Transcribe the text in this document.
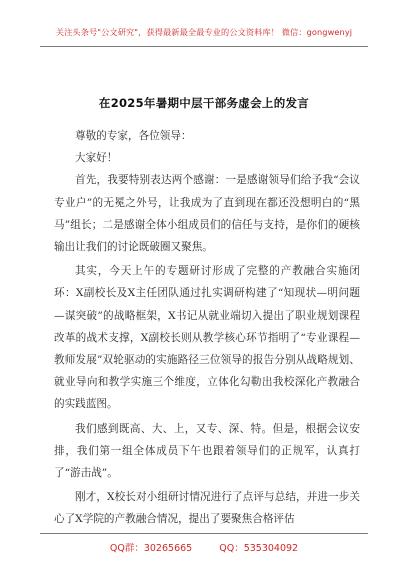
关注头条号"公文研究"，获得最新最全最专业的公文资料库！ 微信：gongwenyj
在2025年暑期中层干部务虚会上的发言

尊敬的专家，各位领导：

大家好！

首先，我要特别表达两个感谢：一是感谢领导们给予我“会议专业户”的无冕之外号，让我成为了直到现在都还没想明白的“黑马”组长；二是感谢全体小组成员们的信任与支持，是你们的硬核输出让我们的讨论既破圈又聚焦。

其实，今天上午的专题研讨形成了完整的产教融合实施闭环：X副校长及X主任团队通过扎实调研构建了“知现状—明问题—谋突破”的战略框架，X书记从就业端切入提出了职业规划课程改革的战术支撑，X副校长则从教学核心环节指明了“专业课程—教师发展”双轮驱动的实施路径三位领导的报告分别从战略规划、就业导向和教学实施三个维度，立体化勾勒出我校深化产教融合的实践蓝图。

我们感到既高、大、上，又专、深、特。但是，根据会议安排，我们第一组全体成员下午也跟着领导们的正规军，认真打了“游击战”。

刚才，X校长对小组研讨情况进行了点评与总结，并进一步关心了X学院的产教融合情况，提出了要聚焦合格评估

QQ群：30265665	QQ：535304092
